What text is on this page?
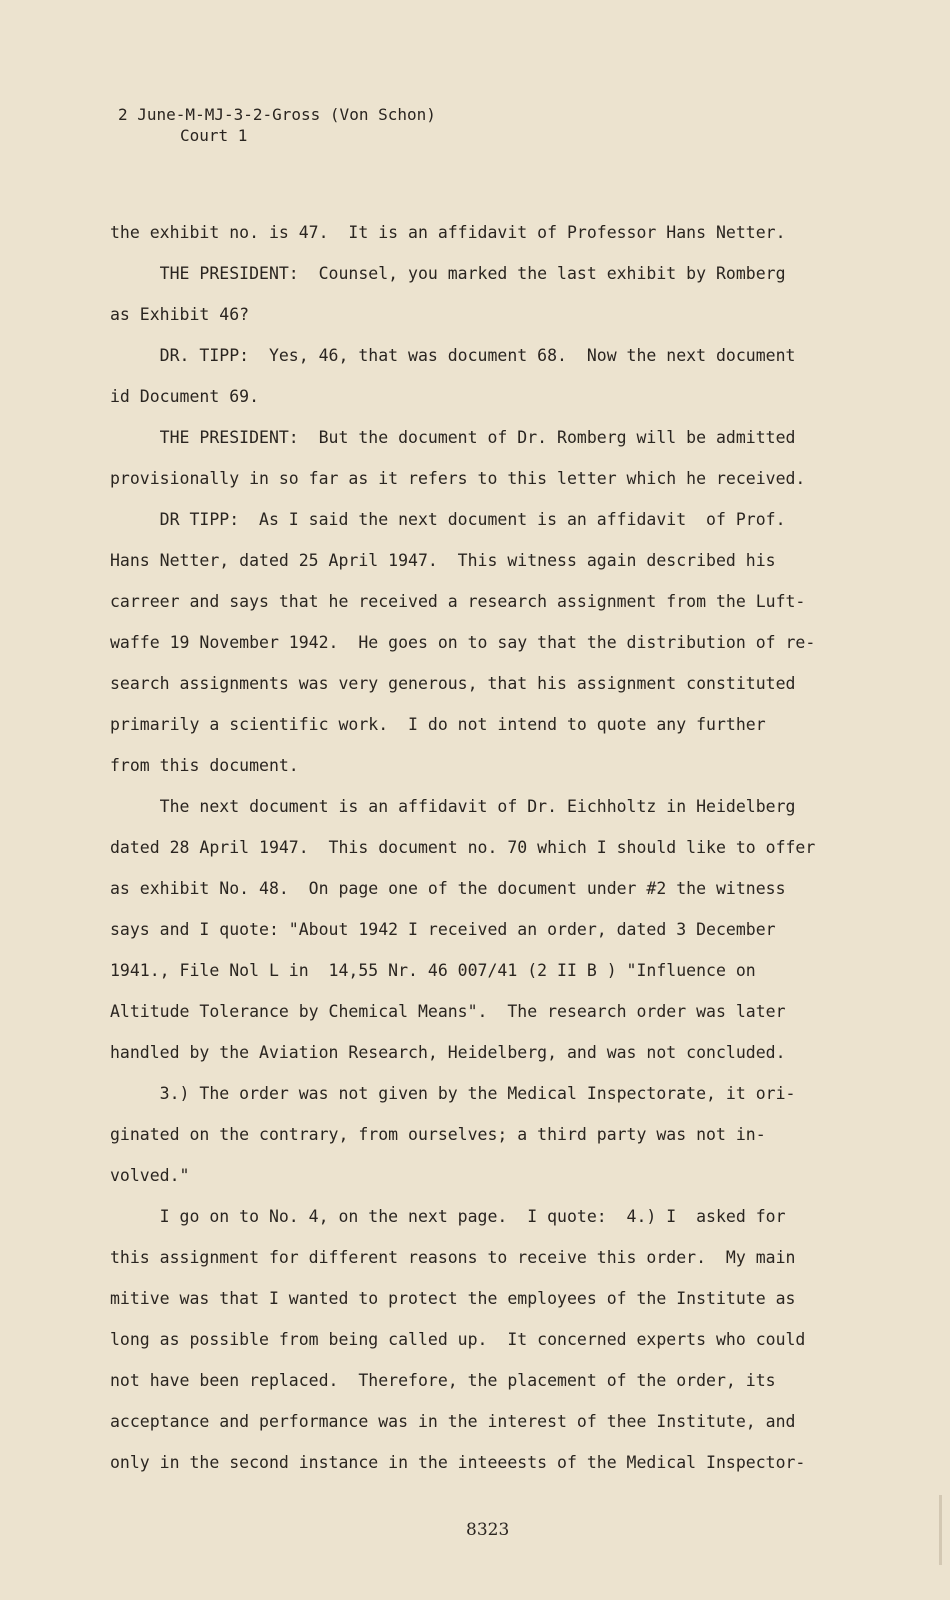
2 June-M-MJ-3-2-Gross (Von Schon)
Court 1
the exhibit no. is 47.  It is an affidavit of Professor Hans Netter.
THE PRESIDENT:  Counsel, you marked the last exhibit by Romberg
as Exhibit 46?
DR. TIPP:  Yes, 46, that was document 68.  Now the next document
id Document 69.
THE PRESIDENT:  But the document of Dr. Romberg will be admitted
provisionally in so far as it refers to this letter which he received.
DR TIPP:  As I said the next document is an affidavit  of Prof.
Hans Netter, dated 25 April 1947.  This witness again described his
carreer and says that he received a research assignment from the Luft-
waffe 19 November 1942.  He goes on to say that the distribution of re-
search assignments was very generous, that his assignment constituted
primarily a scientific work.  I do not intend to quote any further
from this document.
The next document is an affidavit of Dr. Eichholtz in Heidelberg
dated 28 April 1947.  This document no. 70 which I should like to offer
as exhibit No. 48.  On page one of the document under #2 the witness
says and I quote: "About 1942 I received an order, dated 3 December
1941., File Nol L in  14,55 Nr. 46 007/41 (2 II B ) "Influence on
Altitude Tolerance by Chemical Means".  The research order was later
handled by the Aviation Research, Heidelberg, and was not concluded.
3.) The order was not given by the Medical Inspectorate, it ori-
ginated on the contrary, from ourselves; a third party was not in-
volved."
I go on to No. 4, on the next page.  I quote:  4.) I  asked for
this assignment for different reasons to receive this order.  My main
mitive was that I wanted to protect the employees of the Institute as
long as possible from being called up.  It concerned experts who could
not have been replaced.  Therefore, the placement of the order, its
acceptance and performance was in the interest of thee Institute, and
only in the second instance in the inteeests of the Medical Inspector-
8323
